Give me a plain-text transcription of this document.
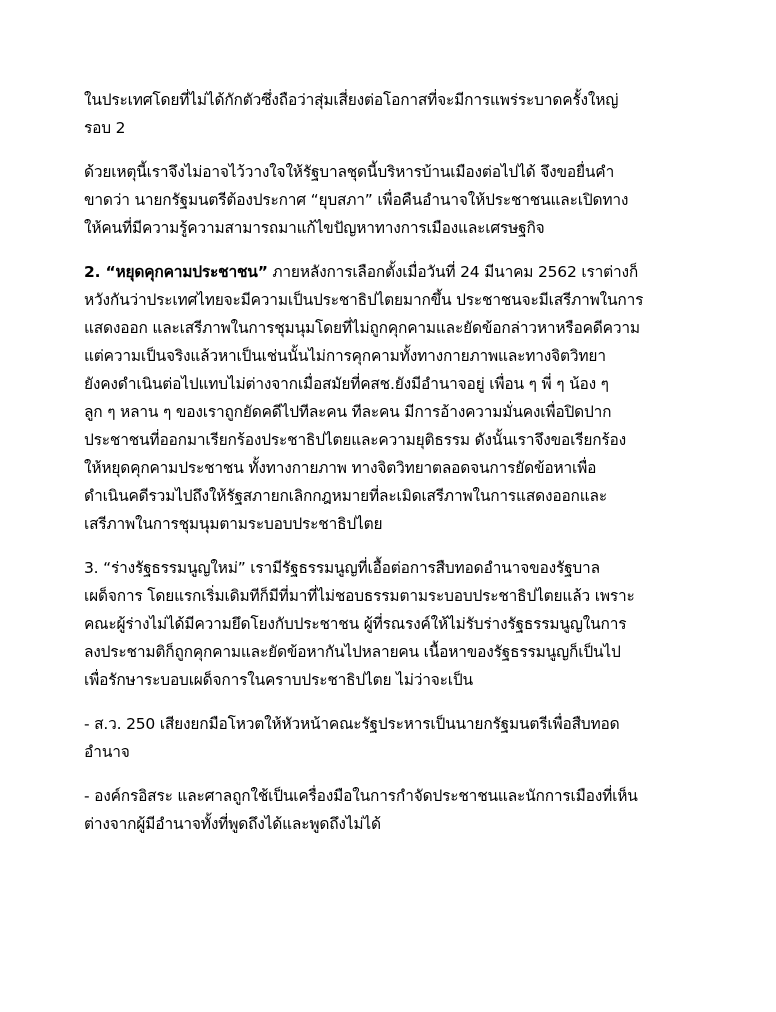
ในประเทศโดยที่ไม่ได้กักตัวซึ่งถือว่าสุ่มเสี่ยงต่อโอกาสที่จะมีการแพร่ระบาดครั้งใหญ่
รอบ 2

ด้วยเหตุนี้เราจึงไม่อาจไว้วางใจให้รัฐบาลชุดนี้บริหารบ้านเมืองต่อไปได้ จึงขอยื่นคำ
ขาดว่า นายกรัฐมนตรีต้องประกาศ “ยุบสภา” เพื่อคืนอำนาจให้ประชาชนและเปิดทาง
ให้คนที่มีความรู้ความสามารถมาแก้ไขปัญหาทางการเมืองและเศรษฐกิจ

2. “หยุดคุกคามประชาชน” ภายหลังการเลือกตั้งเมื่อวันที่ 24 มีนาคม 2562 เราต่างก็
หวังกันว่าประเทศไทยจะมีความเป็นประชาธิปไตยมากขึ้น ประชาชนจะมีเสรีภาพในการ
แสดงออก และเสรีภาพในการชุมนุมโดยที่ไม่ถูกคุกคามและยัดข้อกล่าวหาหรือคดีความ
แต่ความเป็นจริงแล้วหาเป็นเช่นนั้นไม่การคุกคามทั้งทางกายภาพและทางจิตวิทยา
ยังคงดำเนินต่อไปแทบไม่ต่างจากเมื่อสมัยที่คสช.ยังมีอำนาจอยู่ เพื่อน ๆ พี่ ๆ น้อง ๆ
ลูก ๆ หลาน ๆ ของเราถูกยัดคดีไปทีละคน ทีละคน มีการอ้างความมั่นคงเพื่อปิดปาก
ประชาชนที่ออกมาเรียกร้องประชาธิปไตยและความยุติธรรม ดังนั้นเราจึงขอเรียกร้อง
ให้หยุดคุกคามประชาชน ทั้งทางกายภาพ ทางจิตวิทยาตลอดจนการยัดข้อหาเพื่อ
ดำเนินคดีรวมไปถึงให้รัฐสภายกเลิกกฎหมายที่ละเมิดเสรีภาพในการแสดงออกและ
เสรีภาพในการชุมนุมตามระบอบประชาธิปไตย

3. “ร่างรัฐธรรมนูญใหม่” เรามีรัฐธรรมนูญที่เอื้อต่อการสืบทอดอำนาจของรัฐบาล
เผด็จการ โดยแรกเริ่มเดิมทีก็มีที่มาที่ไม่ชอบธรรมตามระบอบประชาธิปไตยแล้ว เพราะ
คณะผู้ร่างไม่ได้มีความยึดโยงกับประชาชน ผู้ที่รณรงค์ให้ไม่รับร่างรัฐธรรมนูญในการ
ลงประชามติก็ถูกคุกคามและยัดข้อหากันไปหลายคน เนื้อหาของรัฐธรรมนูญก็เป็นไป
เพื่อรักษาระบอบเผด็จการในคราบประชาธิปไตย ไม่ว่าจะเป็น

- ส.ว. 250 เสียงยกมือโหวตให้หัวหน้าคณะรัฐประหารเป็นนายกรัฐมนตรีเพื่อสืบทอด
อำนาจ

- องค์กรอิสระ และศาลถูกใช้เป็นเครื่องมือในการกำจัดประชาชนและนักการเมืองที่เห็น
ต่างจากผู้มีอำนาจทั้งที่พูดถึงได้และพูดถึงไม่ได้
